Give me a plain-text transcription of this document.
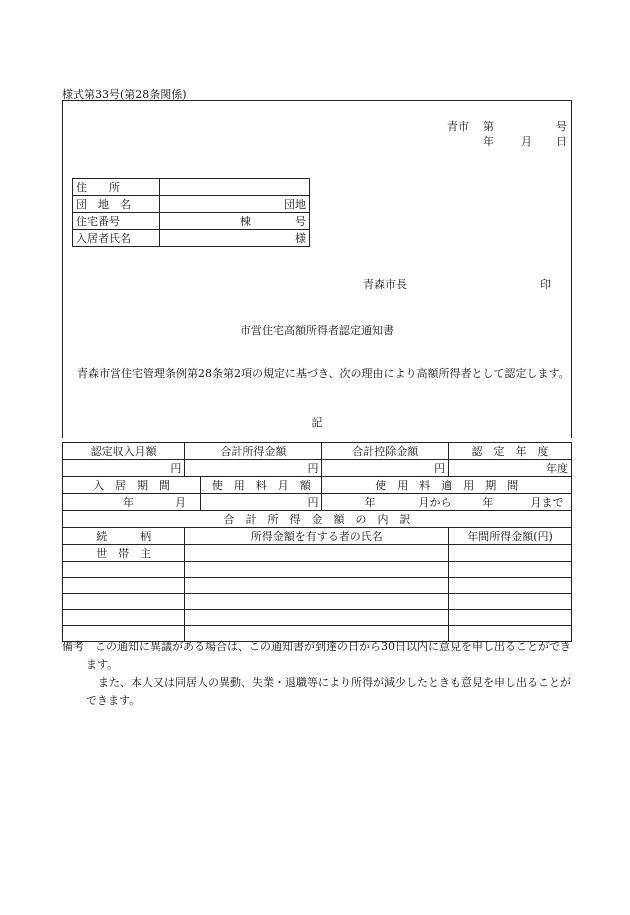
様式第33号(第28条関係)
青市 第	号
年 月 日
住　　所	
団　地　名	団地
住宅番号	棟　　　　号
入居者氏名	様
青森市長	印
市営住宅高額所得者認定通知書
　青森市営住宅管理条例第28条第2項の規定に基づき、次の理由により高額所得者として認定します。
記
認定収入月額	合計所得金額		合計控除金額	認　定　年　度
円	円		円	年度
入　居　期　間		使　用　料　月　額	使　用　料　適　用　期　間	
年 月		円	年 月から 年 月まで	
合　計　所　得　金　額　の　内　訳				
続　　　柄	所得金額を有する者の氏名			年間所得金額(円)
世　帯　主				

備考　 この通知に異議がある場合は、この通知書が到達の日から30日以内に意見を申し出ることができます。

また、本人又は同居人の異動、失業・退職等により所得が減少したときも意見を申し出ることができます。
